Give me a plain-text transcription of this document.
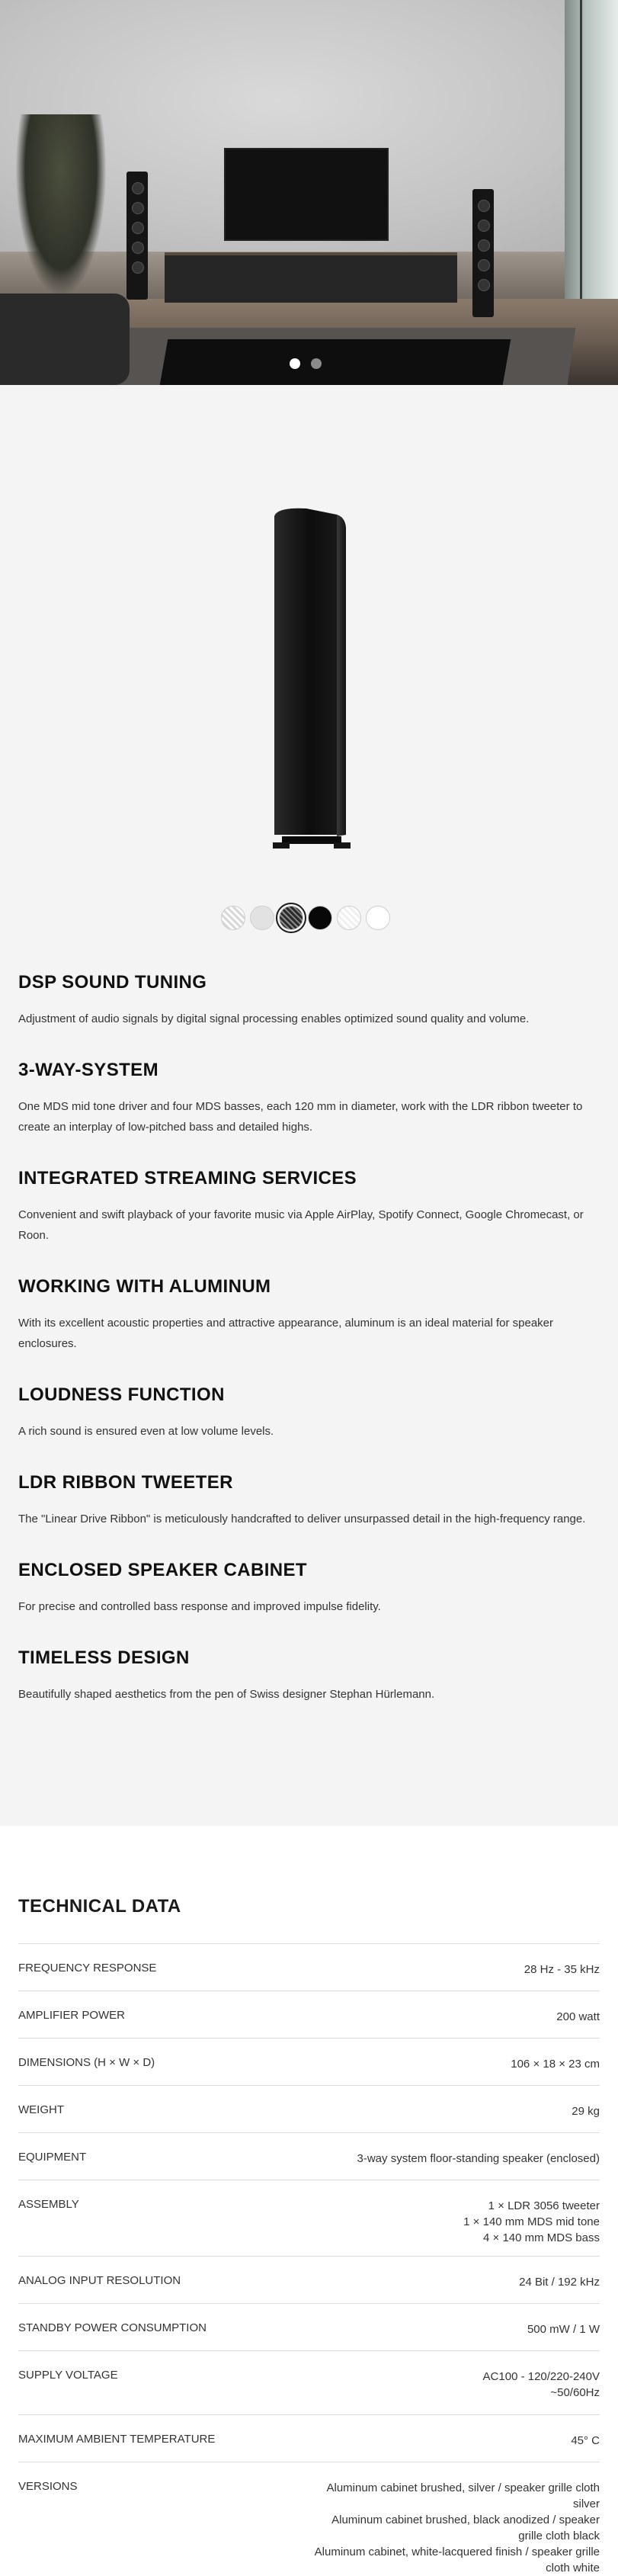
DSP SOUND TUNING

Adjustment of audio signals by digital signal processing enables optimized sound quality and volume.

3-WAY-SYSTEM

One MDS mid tone driver and four MDS basses, each 120 mm in diameter, work with the LDR ribbon tweeter to create an interplay of low-pitched bass and detailed highs.

INTEGRATED STREAMING SERVICES

Convenient and swift playback of your favorite music via Apple AirPlay, Spotify Connect, Google Chromecast, or Roon.

WORKING WITH ALUMINUM

With its excellent acoustic properties and attractive appearance, aluminum is an ideal material for speaker enclosures.

LOUDNESS FUNCTION

A rich sound is ensured even at low volume levels.

LDR RIBBON TWEETER

The "Linear Drive Ribbon" is meticulously handcrafted to deliver unsurpassed detail in the high-frequency range.

ENCLOSED SPEAKER CABINET

For precise and controlled bass response and improved impulse fidelity.

TIMELESS DESIGN

Beautifully shaped aesthetics from the pen of Swiss designer Stephan Hürlemann.

TECHNICAL DATA
FREQUENCY RESPONSE	28 Hz - 35 kHz
AMPLIFIER POWER	200 watt
DIMENSIONS (H × W × D)	106 × 18 × 23 cm
WEIGHT	29 kg
EQUIPMENT	3-way system floor-standing speaker (enclosed)
ASSEMBLY	1 × LDR 3056 tweeter
1 × 140 mm MDS mid tone
4 × 140 mm MDS bass
ANALOG INPUT RESOLUTION	24 Bit / 192 kHz
STANDBY POWER CONSUMPTION	500 mW / 1 W
SUPPLY VOLTAGE	AC100 - 120/220-240V
~50/60Hz
MAXIMUM AMBIENT TEMPERATURE	45° C
VERSIONS	Aluminum cabinet brushed, silver / speaker grille cloth silver
Aluminum cabinet brushed, black anodized / speaker grille cloth black
Aluminum cabinet, white-lacquered finish / speaker grille cloth white
